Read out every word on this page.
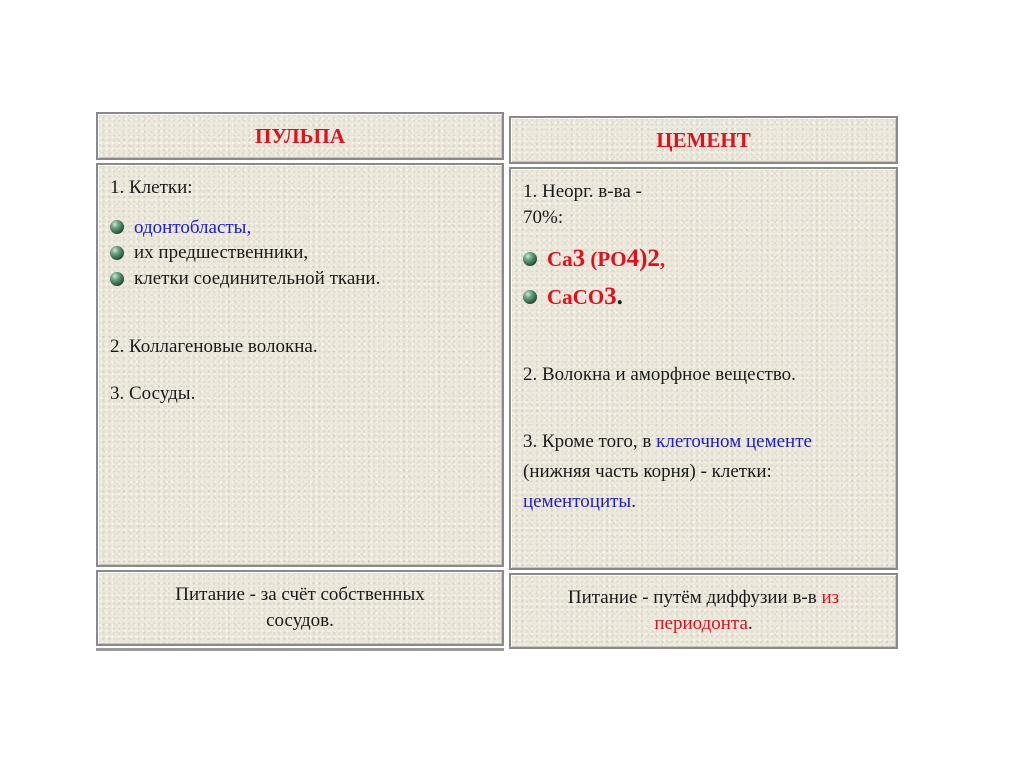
ПУЛЬПА

1. Клетки:

одонтобласты,
их предшественники,
клетки соединительной ткани.

2. Коллагеновые волокна.

3. Сосуды.

Питание - за счёт собственных
сосудов.
ЦЕМЕНТ

1. Неорг. в-ва -

70%:

Ca3 (PO4)2,
CaCO3.

2. Волокна и аморфное вещество.

3. Кроме того, в клеточном цементе

(нижняя часть корня) - клетки:

цементоциты.

Питание - путём диффузии в-в из
периодонта.
